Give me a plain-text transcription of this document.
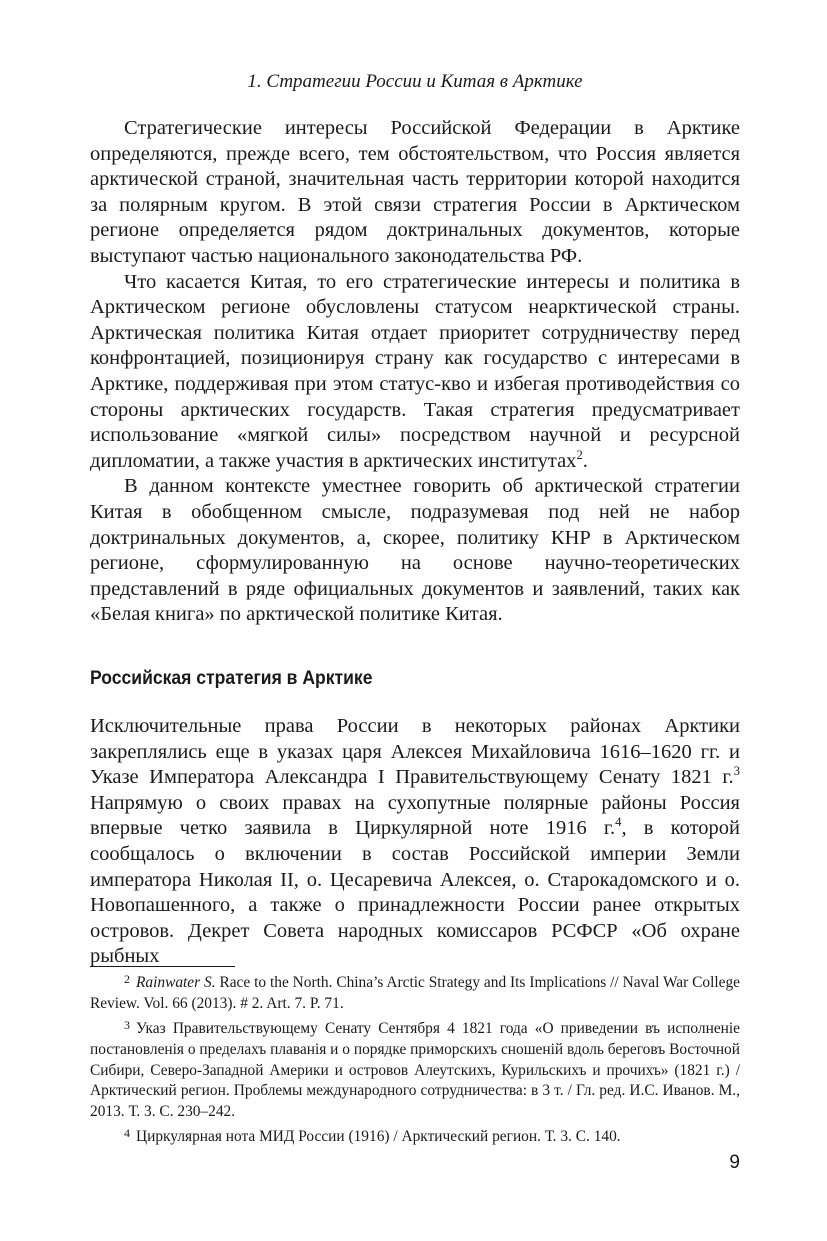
1. Стратегии России и Китая в Арктике

Стратегические интересы Российской Федерации в Арктике определяются, прежде всего, тем обстоятельством, что Россия является арктической страной, значительная часть территории которой находится за полярным кругом. В этой связи стратегия России в Арктическом регионе определяется рядом доктринальных документов, которые выступают частью национального законодательства РФ.

Что касается Китая, то его стратегические интересы и политика в Арктическом регионе обусловлены статусом неарктической страны. Арктическая политика Китая отдает приоритет сотрудничеству перед конфронтацией, позиционируя страну как государство с интересами в Арктике, поддерживая при этом статус-кво и избегая противодействия со стороны арктических государств. Такая стратегия предусматривает использование «мягкой силы» посредством научной и ресурсной дипломатии, а также участия в арктических институтах$^2$.

В данном контексте уместнее говорить об арктической стратегии Китая в обобщенном смысле, подразумевая под ней не набор доктринальных документов, а, скорее, политику КНР в Арктическом регионе, сформулированную на основе научно-теоретических представлений в ряде официальных документов и заявлений, таких как «Белая книга» по арктической политике Китая.

Российская стратегия в Арктике

Исключительные права России в некоторых районах Арктики закреплялись еще в указах царя Алексея Михайловича 1616–1620 гг. и Указе Императора Александра I Правительствующему Сенату 1821 г.$^3$ Напрямую о своих правах на сухопутные полярные районы Россия впервые четко заявила в Циркулярной ноте 1916 г.$^4$, в которой сообщалось о включении в состав Российской империи Земли императора Николая II, о. Цесаревича Алексея, о. Старокадомского и о. Новопашенного, а также о принадлежности России ранее открытых островов. Декрет Совета народных комиссаров РСФСР «Об охране рыбных

$^2$ Rainwater S. Race to the North. China’s Arctic Strategy and Its Implications // Naval War College Review. Vol. 66 (2013). # 2. Art. 7. P. 71.

$^3$ Указ Правительствующему Сенату Сентября 4 1821 года «О приведении въ исполненіе постановленія о пределахъ плаванія и о порядке приморскихъ сношеній вдоль береговъ Восточной Сибири, Северо-Западной Америки и островов Алеутскихъ, Курильскихъ и прочихъ» (1821 г.) / Арктический регион. Проблемы международного сотрудничества: в 3 т. / Гл. ред. И.С. Иванов. М., 2013. Т. 3. С. 230–242.

$^4$ Циркулярная нота МИД России (1916) / Арктический регион. Т. 3. С. 140.

9
